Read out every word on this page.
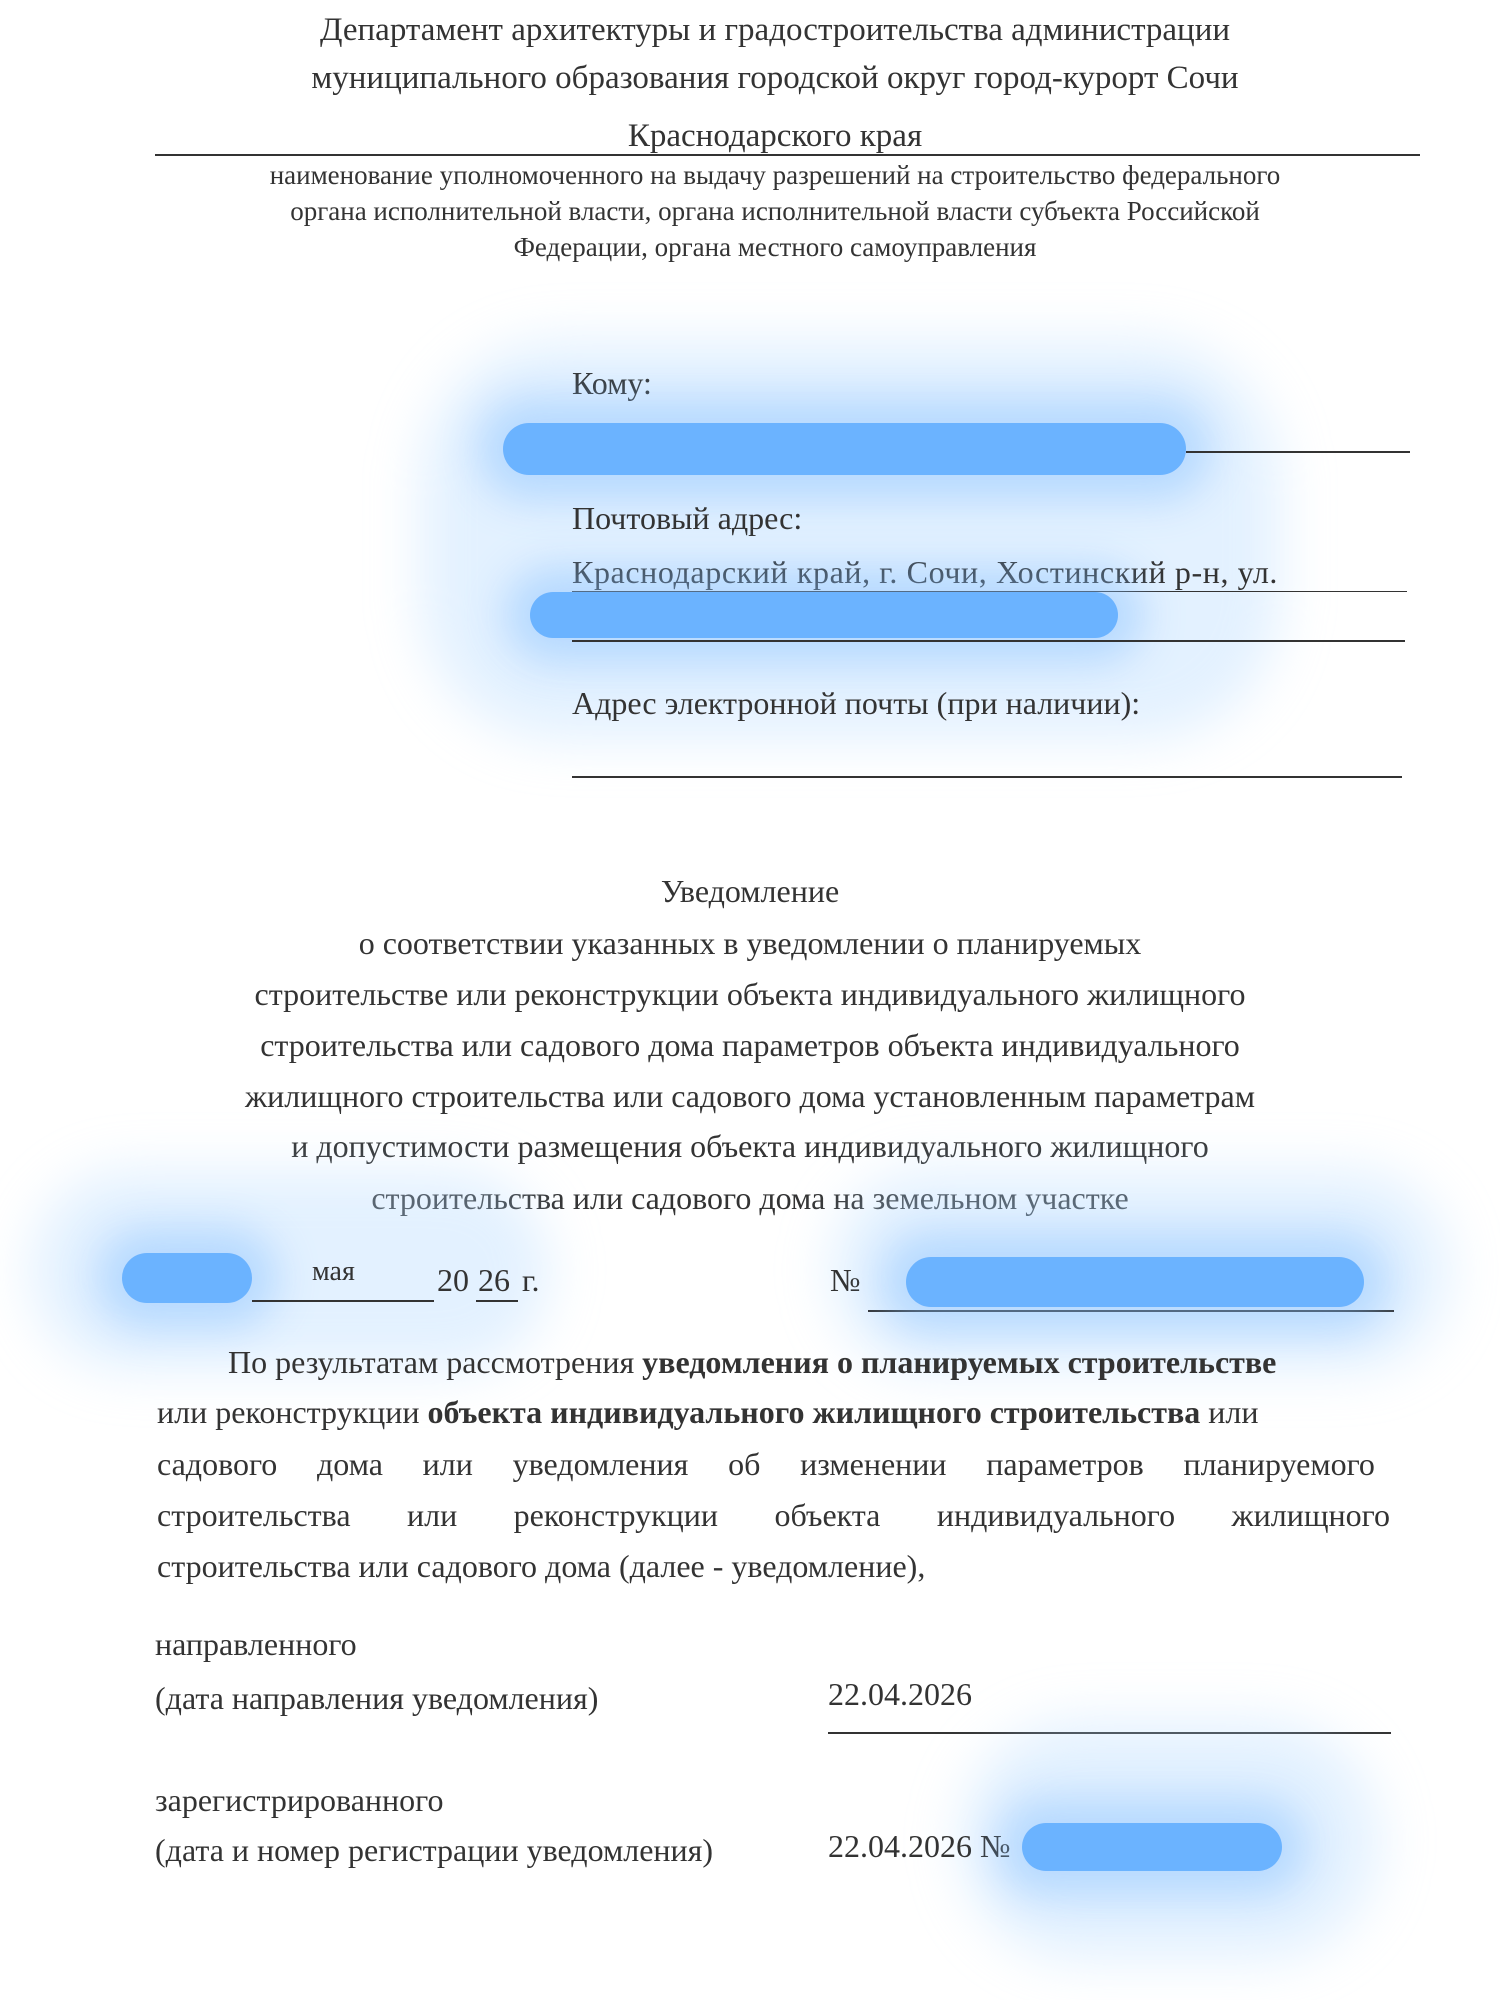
Департамент архитектуры и градостроительства администрации
муниципального образования городской округ город-курорт Сочи
Краснодарского края
наименование уполномоченного на выдачу разрешений на строительство федерального
органа исполнительной власти, органа исполнительной власти субъекта Российской
Федерации, органа местного самоуправления
Кому:
Почтовый адрес:
Краснодарский край, г. Сочи, Хостинский р-н, ул.
Адрес электронной почты (при наличии):
Уведомление
о соответствии указанных в уведомлении о планируемых
строительстве или реконструкции объекта индивидуального жилищного
строительства или садового дома параметров объекта индивидуального
жилищного строительства или садового дома установленным параметрам
и допустимости размещения объекта индивидуального жилищного
строительства или садового дома на земельном участке
мая	20 26 г.	№
По результатам рассмотрения уведомления о планируемых строительстве
или реконструкции объекта индивидуального жилищного строительства или
садового дома или уведомления об изменении параметров планируемого
строительства или реконструкции объекта индивидуального жилищного
строительства или садового дома (далее - уведомление),
направленного
(дата направления уведомления)	22.04.2026
зарегистрированного
(дата и номер регистрации уведомления)	22.04.2026 №
